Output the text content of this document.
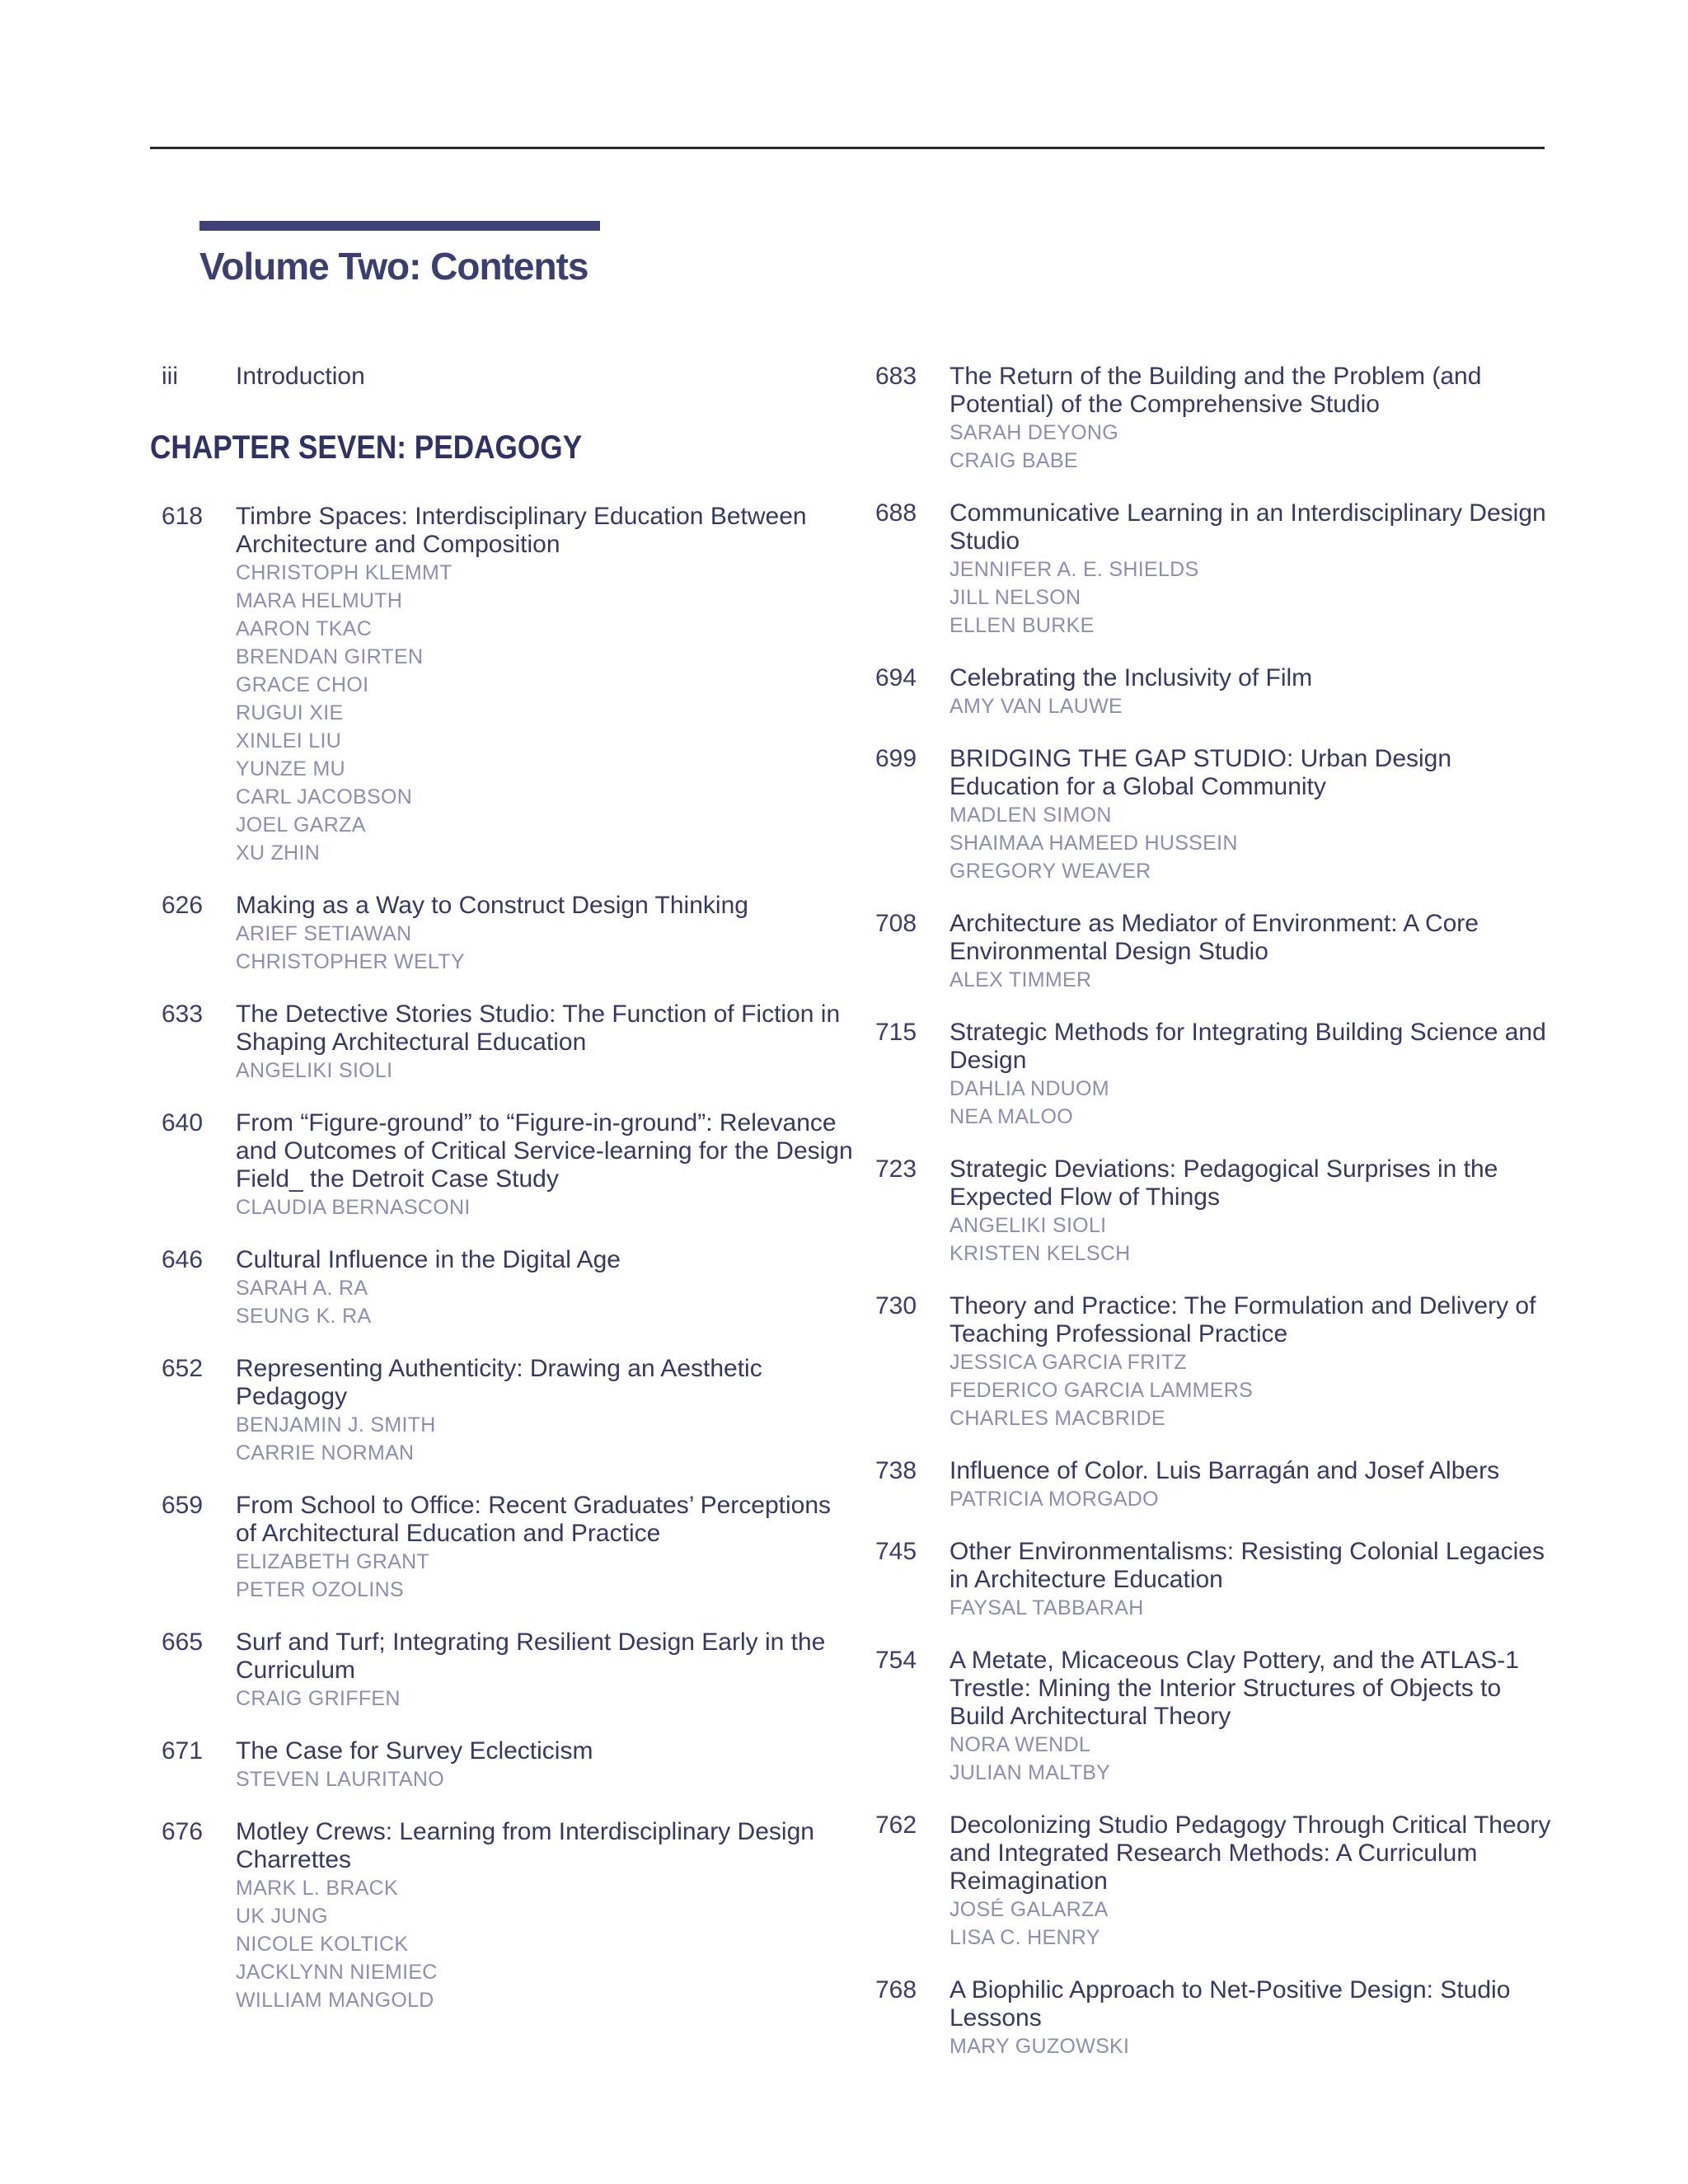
Volume Two: Contents
iii	Introduction
CHAPTER SEVEN: PEDAGOGY
618	Timbre Spaces: Interdisciplinary Education Between Architecture and Composition
CHRISTOPH KLEMMT
MARA HELMUTH
AARON TKAC
BRENDAN GIRTEN
GRACE CHOI
RUGUI XIE
XINLEI LIU
YUNZE MU
CARL JACOBSON
JOEL GARZA
XU ZHIN
626	Making as a Way to Construct Design Thinking
ARIEF SETIAWAN
CHRISTOPHER WELTY
633	The Detective Stories Studio: The Function of Fiction in Shaping Architectural Education
ANGELIKI SIOLI
640	From “Figure-ground” to “Figure-in-ground”: Relevance and Outcomes of Critical Service-learning for the Design Field_ the Detroit Case Study
CLAUDIA BERNASCONI
646	Cultural Influence in the Digital Age
SARAH A. RA
SEUNG K. RA
652	Representing Authenticity: Drawing an Aesthetic Pedagogy
BENJAMIN J. SMITH
CARRIE NORMAN
659	From School to Office: Recent Graduates’ Perceptions of Architectural Education and Practice
ELIZABETH GRANT
PETER OZOLINS
665	Surf and Turf; Integrating Resilient Design Early in the Curriculum
CRAIG GRIFFEN
671	The Case for Survey Eclecticism
STEVEN LAURITANO
676	Motley Crews: Learning from Interdisciplinary Design Charrettes
MARK L. BRACK
UK JUNG
NICOLE KOLTICK
JACKLYNN NIEMIEC
WILLIAM MANGOLD
683	The Return of the Building and the Problem (and Potential) of the Comprehensive Studio
SARAH DEYONG
CRAIG BABE
688	Communicative Learning in an Interdisciplinary Design Studio
JENNIFER A. E. SHIELDS
JILL NELSON
ELLEN BURKE
694	Celebrating the Inclusivity of Film
AMY VAN LAUWE
699	BRIDGING THE GAP STUDIO: Urban Design Education for a Global Community
MADLEN SIMON
SHAIMAA HAMEED HUSSEIN
GREGORY WEAVER
708	Architecture as Mediator of Environment: A Core Environmental Design Studio
ALEX TIMMER
715	Strategic Methods for Integrating Building Science and Design
DAHLIA NDUOM
NEA MALOO
723	Strategic Deviations: Pedagogical Surprises in the Expected Flow of Things
ANGELIKI SIOLI
KRISTEN KELSCH
730	Theory and Practice: The Formulation and Delivery of Teaching Professional Practice
JESSICA GARCIA FRITZ
FEDERICO GARCIA LAMMERS
CHARLES MACBRIDE
738	Influence of Color. Luis Barragán and Josef Albers
PATRICIA MORGADO
745	Other Environmentalisms: Resisting Colonial Legacies in Architecture Education
FAYSAL TABBARAH
754	A Metate, Micaceous Clay Pottery, and the ATLAS-1 Trestle: Mining the Interior Structures of Objects to Build Architectural Theory
NORA WENDL
JULIAN MALTBY
762	Decolonizing Studio Pedagogy Through Critical Theory and Integrated Research Methods: A Curriculum Reimagination
JOSÉ GALARZA
LISA C. HENRY
768	A Biophilic Approach to Net-Positive Design: Studio Lessons
MARY GUZOWSKI
